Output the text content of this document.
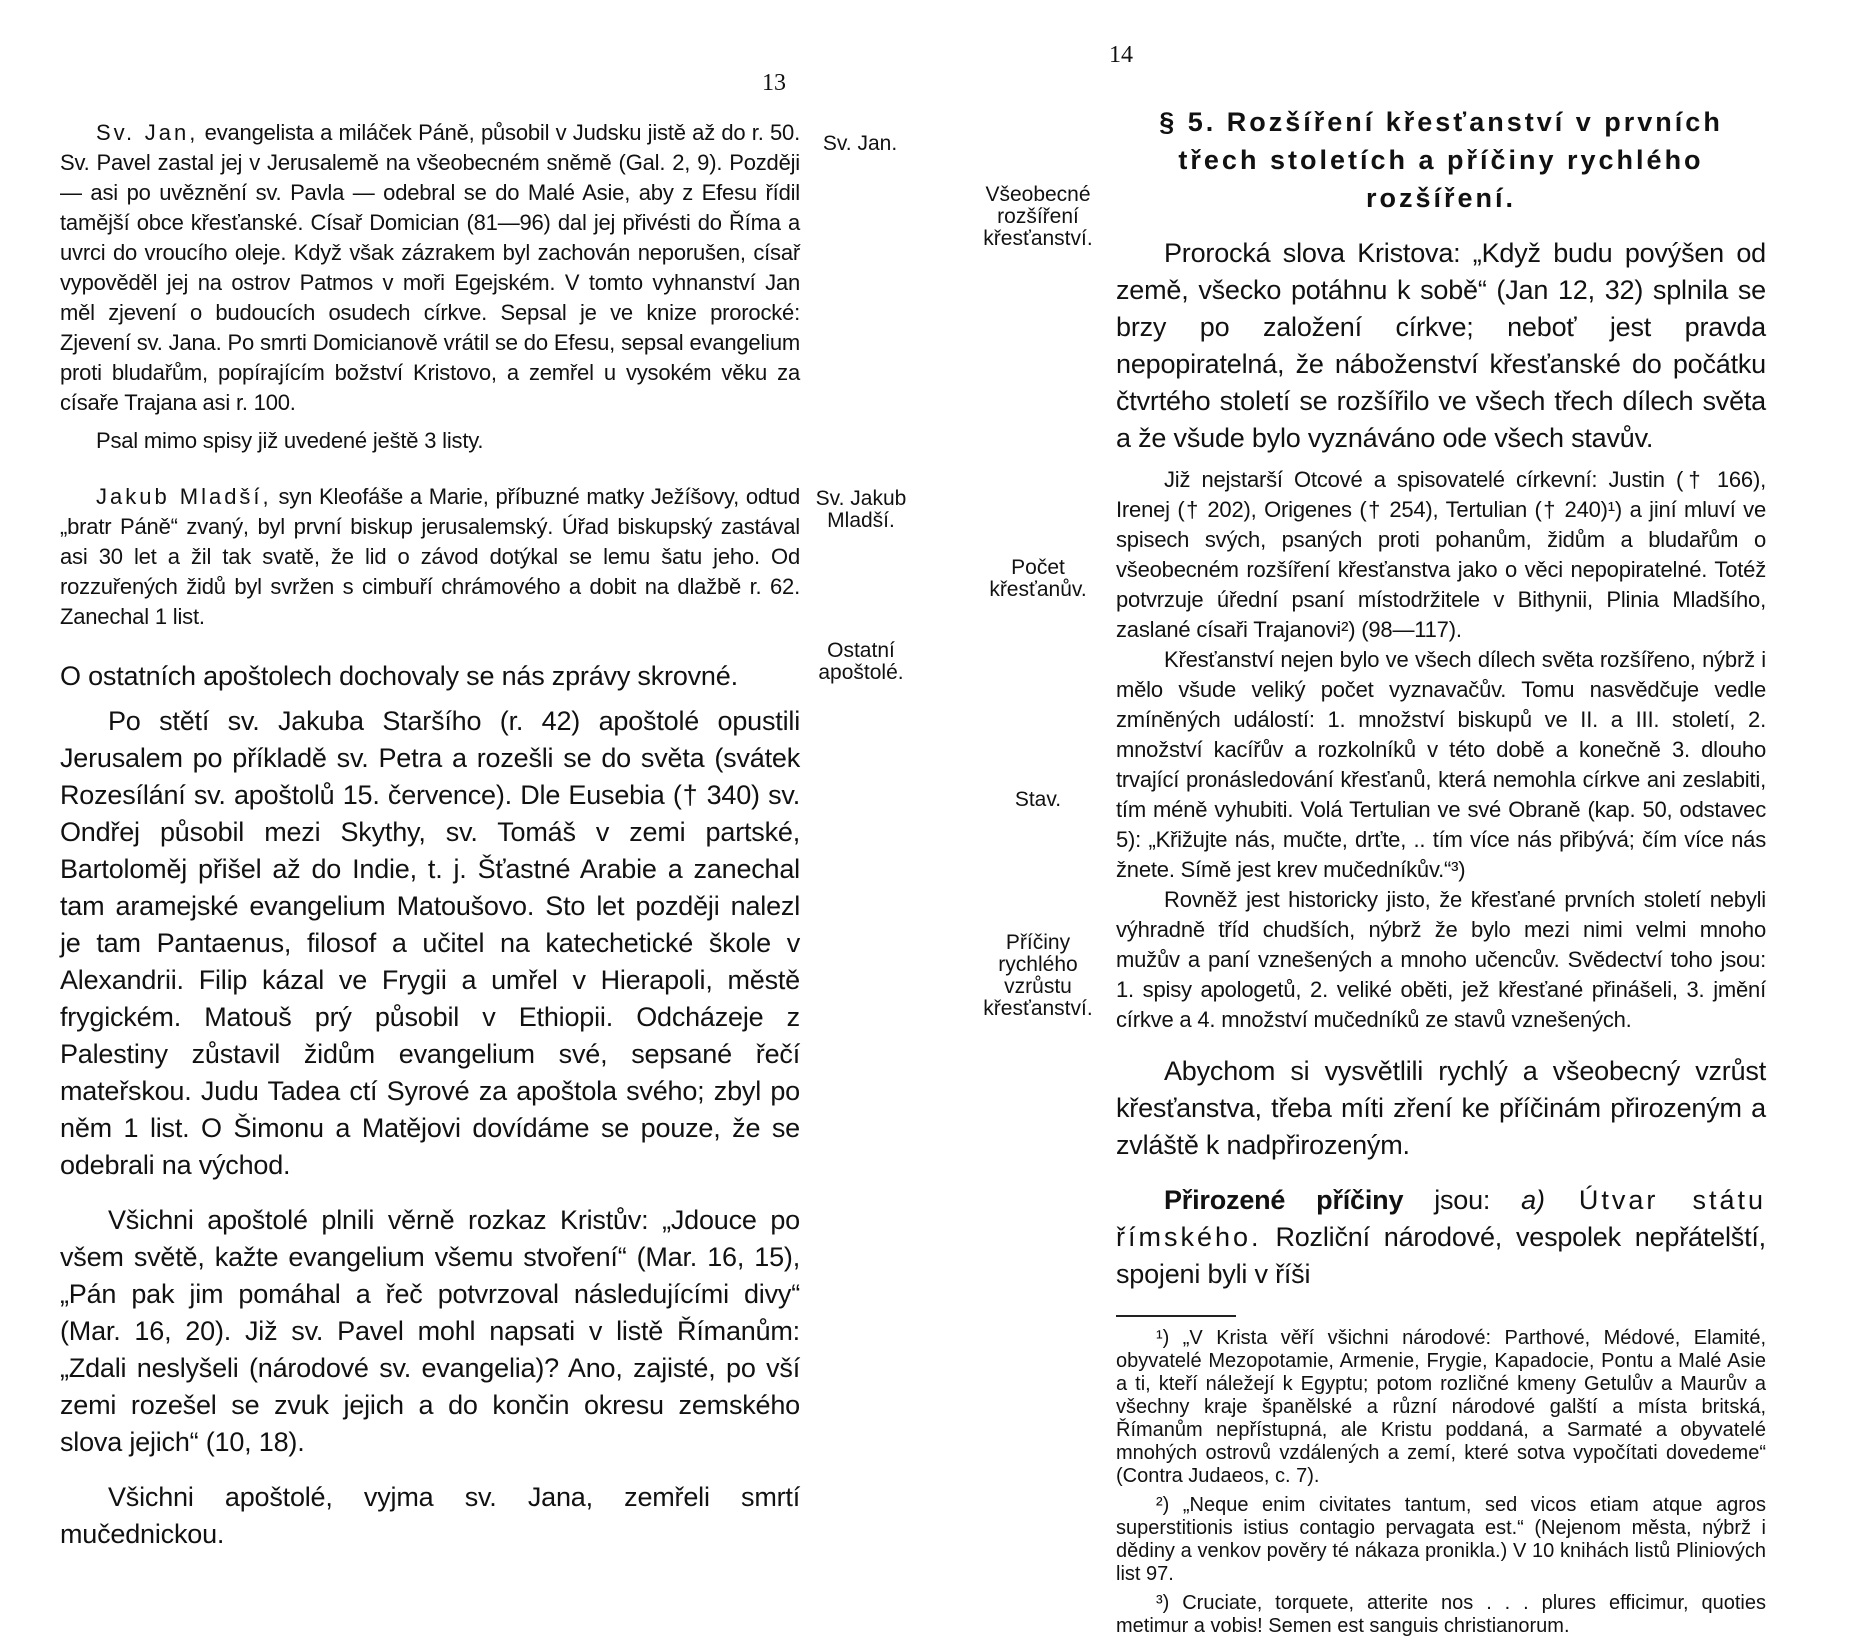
13

Sv. Jan, evangelista a miláček Páně, působil v Judsku jistě až do r. 50. Sv. Pavel zastal jej v Jerusalemě na všeobecném sněmě (Gal. 2, 9). Později — asi po uvěznění sv. Pavla — odebral se do Malé Asie, aby z Efesu řídil tamější obce křesťanské. Císař Domician (81—96) dal jej přivésti do Říma a uvrci do vroucího oleje. Když však zázrakem byl zachován neporušen, císař vypověděl jej na ostrov Patmos v moři Egejském. V tomto vyhnanství Jan měl zjevení o budoucích osudech církve. Sepsal je ve knize prorocké: Zjevení sv. Jana. Po smrti Domicianově vrátil se do Efesu, sepsal evangelium proti bludařům, popírajícím božství Kristovo, a zemřel u vysokém věku za císaře Trajana asi r. 100.

Psal mimo spisy již uvedené ještě 3 listy.

Jakub Mladší, syn Kleofáše a Marie, příbuzné matky Ježíšovy, odtud „bratr Páně“ zvaný, byl první biskup jerusalemský. Úřad biskupský zastával asi 30 let a žil tak svatě, že lid o závod dotýkal se lemu šatu jeho. Od rozzuřených židů byl svržen s cimbuří chrámového a dobit na dlažbě r. 62. Zanechal 1 list.

O ostatních apoštolech dochovaly se nás zprávy skrovné.

Po stětí sv. Jakuba Staršího (r. 42) apoštolé opustili Jerusalem po příkladě sv. Petra a rozešli se do světa (svátek Rozesílání sv. apoštolů 15. července). Dle Eusebia († 340) sv. Ondřej působil mezi Skythy, sv. Tomáš v zemi partské, Bartoloměj přišel až do Indie, t. j. Šťastné Arabie a zanechal tam aramejské evangelium Matoušovo. Sto let později nalezl je tam Pantaenus, filosof a učitel na katechetické škole v Alexandrii. Filip kázal ve Frygii a umřel v Hierapoli, městě frygickém. Matouš prý působil v Ethiopii. Odcházeje z Palestiny zůstavil židům evangelium své, sepsané řečí mateřskou. Judu Tadea ctí Syrové za apoštola svého; zbyl po něm 1 list. O Šimonu a Matějovi dovídáme se pouze, že se odebrali na východ.

Všichni apoštolé plnili věrně rozkaz Kristův: „Jdouce po všem světě, kažte evangelium všemu stvoření“ (Mar. 16, 15), „Pán pak jim pomáhal a řeč potvrzoval následujícími divy“ (Mar. 16, 20). Již sv. Pavel mohl napsati v listě Římanům: „Zdali neslyšeli (národové sv. evangelia)? Ano, zajisté, po vší zemi rozešel se zvuk jejich a do končin okresu zemského slova jejich“ (10, 18).

Všichni apoštolé, vyjma sv. Jana, zemřeli smrtí mučednickou.

Sv. Jan.
Sv. Jakub Mladší.
Ostatní apoštolé.
14
§ 5. Rozšíření křesťanství v prvních třech stoletích a příčiny rychlého rozšíření.

Prorocká slova Kristova: „Když budu povýšen od země, všecko potáhnu k sobě“ (Jan 12, 32) splnila se brzy po založení církve; neboť jest pravda nepopiratelná, že náboženství křesťanské do počátku čtvrtého století se rozšířilo ve všech třech dílech světa a že všude bylo vyznáváno ode všech stavův.

Již nejstarší Otcové a spisovatelé církevní: Justin († 166), Irenej († 202), Origenes († 254), Tertulian († 240)¹) a jiní mluví ve spisech svých, psaných proti pohanům, židům a bludařům o všeobecném rozšíření křesťanstva jako o věci nepopiratelné. Totéž potvrzuje úřední psaní místodržitele v Bithynii, Plinia Mladšího, zaslané císaři Trajanovi²) (98—117).

Křesťanství nejen bylo ve všech dílech světa rozšířeno, nýbrž i mělo všude veliký počet vyznavačův. Tomu nasvědčuje vedle zmíněných událostí: 1. množství biskupů ve II. a III. století, 2. množství kacířův a rozkolníků v této době a konečně 3. dlouho trvající pronásledování křesťanů, která nemohla církve ani zeslabiti, tím méně vyhubiti. Volá Tertulian ve své Obraně (kap. 50, odstavec 5): „Křižujte nás, mučte, drťte, .. tím více nás přibývá; čím více nás žnete. Símě jest krev mučedníkův.“³)

Rovněž jest historicky jisto, že křesťané prvních století nebyli výhradně tříd chudších, nýbrž že bylo mezi nimi velmi mnoho mužův a paní vznešených a mnoho učencův. Svědectví toho jsou: 1. spisy apologetů, 2. veliké oběti, jež křesťané přinášeli, 3. jmění církve a 4. množství mučedníků ze stavů vznešených.

Abychom si vysvětlili rychlý a všeobecný vzrůst křesťanstva, třeba míti zření ke příčinám přirozeným a zvláště k nadpřirozeným.

Přirozené příčiny jsou: a) Útvar státu římského. Rozliční národové, vespolek nepřátelští, spojeni byli v říši

¹) „V Krista věří všichni národové: Parthové, Médové, Elamité, obyvatelé Mezopotamie, Armenie, Frygie, Kapadocie, Pontu a Malé Asie a ti, kteří náležejí k Egyptu; potom rozličné kmeny Getulův a Maurův a všechny kraje španělské a různí národové galští a místa britská, Římanům nepřístupná, ale Kristu poddaná, a Sarmaté a obyvatelé mnohých ostrovů vzdálených a zemí, které sotva vypočítati dovedeme“ (Contra Judaeos, c. 7).

²) „Neque enim civitates tantum, sed vicos etiam atque agros superstitionis istius contagio pervagata est.“ (Nejenom města, nýbrž i dědiny a venkov pověry té nákaza pronikla.) V 10 knihách listů Pliniových list 97.

³) Cruciate, torquete, atterite nos . . . plures efficimur, quoties metimur a vobis! Semen est sanguis christianorum.

Všeobecné rozšíření křesťanství.
Počet křesťanův.
Stav.
Příčiny rychlého vzrůstu křesťanství.
